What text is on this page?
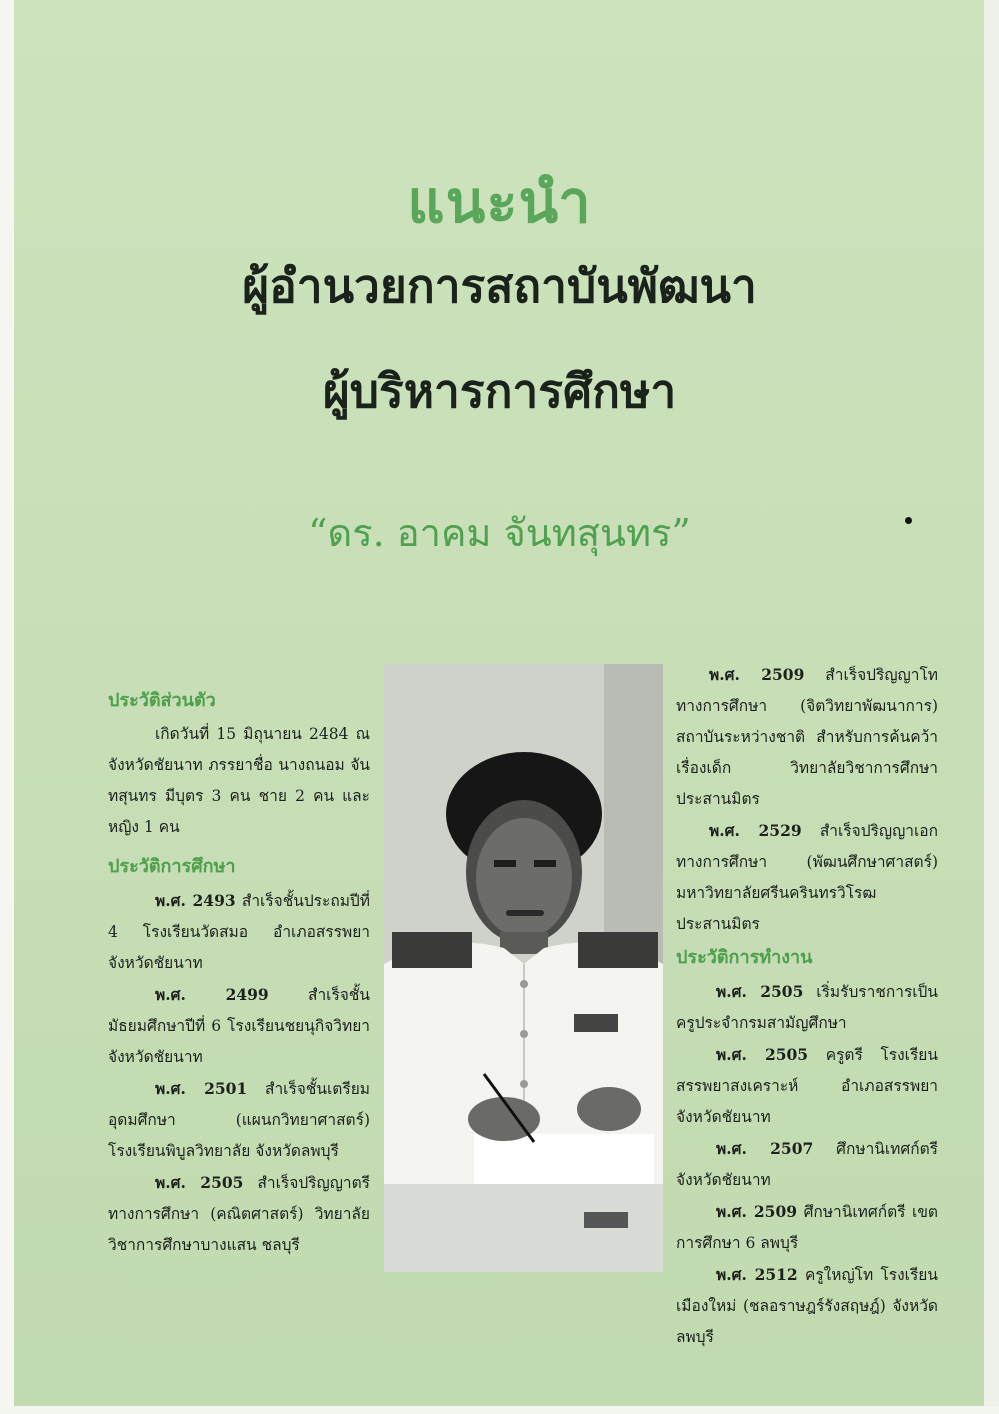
แนะนำ
ผู้อำนวยการสถาบันพัฒนา
ผู้บริหารการศึกษา
“ดร. อาคม จันทสุนทร”
ประวัติส่วนตัว
เกิดวันที่ 15 มิถุนายน 2484 ณ จังหวัดชัยนาท ภรรยาชื่อ นางถนอม จันทสุนทร มีบุตร 3 คน ชาย 2 คน และหญิง 1 คน
ประวัติการศึกษา
พ.ศ. 2493 สำเร็จชั้นประถมปีที่ 4 โรงเรียนวัดสมอ อำเภอสรรพยา จังหวัดชัยนาท
พ.ศ. 2499	สำเร็จชั้นมัธยมศึกษาปีที่ 6 โรงเรียนชยนุกิจวิทยา จังหวัดชัยนาท
พ.ศ. 2501 สำเร็จชั้นเตรียมอุดมศึกษา (แผนกวิทยาศาสตร์) โรงเรียนพิบูลวิทยาลัย จังหวัดลพบุรี
พ.ศ. 2505 สำเร็จปริญญาตรีทางการศึกษา (คณิตศาสตร์) วิทยาลัยวิชาการศึกษาบางแสน ชลบุรี
พ.ศ. 2509 สำเร็จปริญญาโททางการศึกษา (จิตวิทยาพัฒนาการ) สถาบันระหว่างชาติ สำหรับการค้นคว้าเรื่องเด็ก วิทยาลัยวิชาการศึกษา ประสานมิตร
พ.ศ. 2529 สำเร็จปริญญาเอกทางการศึกษา (พัฒนศึกษาศาสตร์) มหาวิทยาลัยศรีนครินทรวิโรฒ ประสานมิตร
ประวัติการทำงาน
พ.ศ. 2505 เริ่มรับราชการเป็นครูประจำกรมสามัญศึกษา
พ.ศ. 2505 ครูตรี โรงเรียนสรรพยาสงเคราะห์ อำเภอสรรพยา จังหวัดชัยนาท
พ.ศ. 2507 ศึกษานิเทศก์ตรี จังหวัดชัยนาท
พ.ศ. 2509 ศึกษานิเทศก์ตรี เขตการศึกษา 6 ลพบุรี
พ.ศ. 2512 ครูใหญ่โท โรงเรียนเมืองใหม่ (ชลอราษฎร์รังสฤษฎ์) จังหวัดลพบุรี
